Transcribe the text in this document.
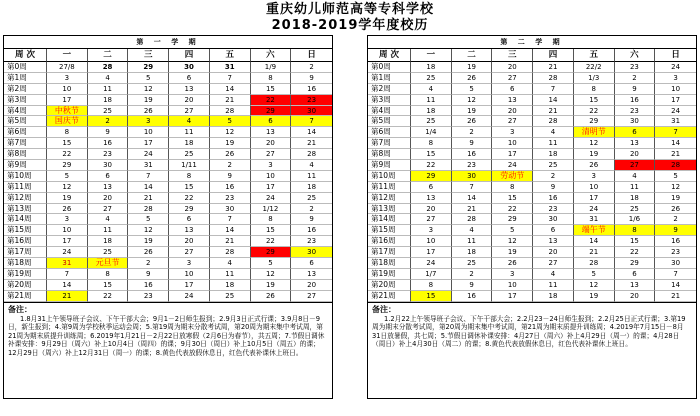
重庆幼儿师范高等专科学校
2018-2019学年度校历
第 一 学 期
周 次	一	二	三	四	五	六	日
第0周	27/8	28	29	30	31	1/9	2
第1周	3	4	5	6	7	8	9
第2周	10	11	12	13	14	15	16
第3周	17	18	19	20	21	22	23
第4周	中秋节	25	26	27	28	29	30
第5周	国庆节	2	3	4	5	6	7
第6周	8	9	10	11	12	13	14
第7周	15	16	17	18	19	20	21
第8周	22	23	24	25	26	27	28
第9周	29	30	31	1/11	2	3	4
第10周	5	6	7	8	9	10	11
第11周	12	13	14	15	16	17	18
第12周	19	20	21	22	23	24	25
第13周	26	27	28	29	30	1/12	2
第14周	3	4	5	6	7	8	9
第15周	10	11	12	13	14	15	16
第16周	17	18	19	20	21	22	23
第17周	24	25	26	27	28	29	30
第18周	31	元旦节	2	3	4	5	6
第19周	7	8	9	10	11	12	13
第20周	14	15	16	17	18	19	20
第21周	21	22	23	24	25	26	27
备注：
1.8月31上午领导班子会议、下午干部大会；9月1－2日师生报到；2.9月3日正式行课；3.9月8日－9日，新生报到；4.第9周为学校秋季运动会周；5.第19周为期末分散考试周，第20周为期末集中考试周，第21周为期末质提升训练周；6.2019年1月21日－2月22日放寒假（2月6日为春节），共五周；7.节假日调休补课安排：9月29日（周六）补上10月4日（周四）的课；9月30日（周日）补上10月5日（周五）的课；12月29日（周六）补上12月31日（周一）的课；8.黄色代表放假休息日，红色代表补课休上班日。
第 二 学 期
周 次	一	二	三	四	五	六	日
第0周	18	19	20	21	22/2	23	24
第1周	25	26	27	28	1/3	2	3
第2周	4	5	6	7	8	9	10
第3周	11	12	13	14	15	16	17
第4周	18	19	20	21	22	23	24
第5周	25	26	27	28	29	30	31
第6周	1/4	2	3	4	清明节	6	7
第7周	8	9	10	11	12	13	14
第8周	15	16	17	18	19	20	21
第9周	22	23	24	25	26	27	28
第10周	29	30	劳动节	2	3	4	5
第11周	6	7	8	9	10	11	12
第12周	13	14	15	16	17	18	19
第13周	20	21	22	23	24	25	26
第14周	27	28	29	30	31	1/6	2
第15周	3	4	5	6	端午节	8	9
第16周	10	11	12	13	14	15	16
第17周	17	18	19	20	21	22	23
第18周	24	25	26	27	28	29	30
第19周	1/7	2	3	4	5	6	7
第20周	8	9	10	11	12	13	14
第21周	15	16	17	18	19	20	21
备注：
1.2月22上午领导班子会议、下午干部大会；2.2月23－24日师生报到；2.2月25日正式行课；3.第19周为期末分散考试周，第20周为期末集中考试周，第21周为期末质提升训练周；4.2019年7月15日－8月31日放暑假，共七周；5.节假日调休补课安排：4月27日（周六）补上4月29日（周一）的课；4月28日（周日）补上4月30日（周二）的课；8.黄色代表放假休息日，红色代表补课休上班日。
